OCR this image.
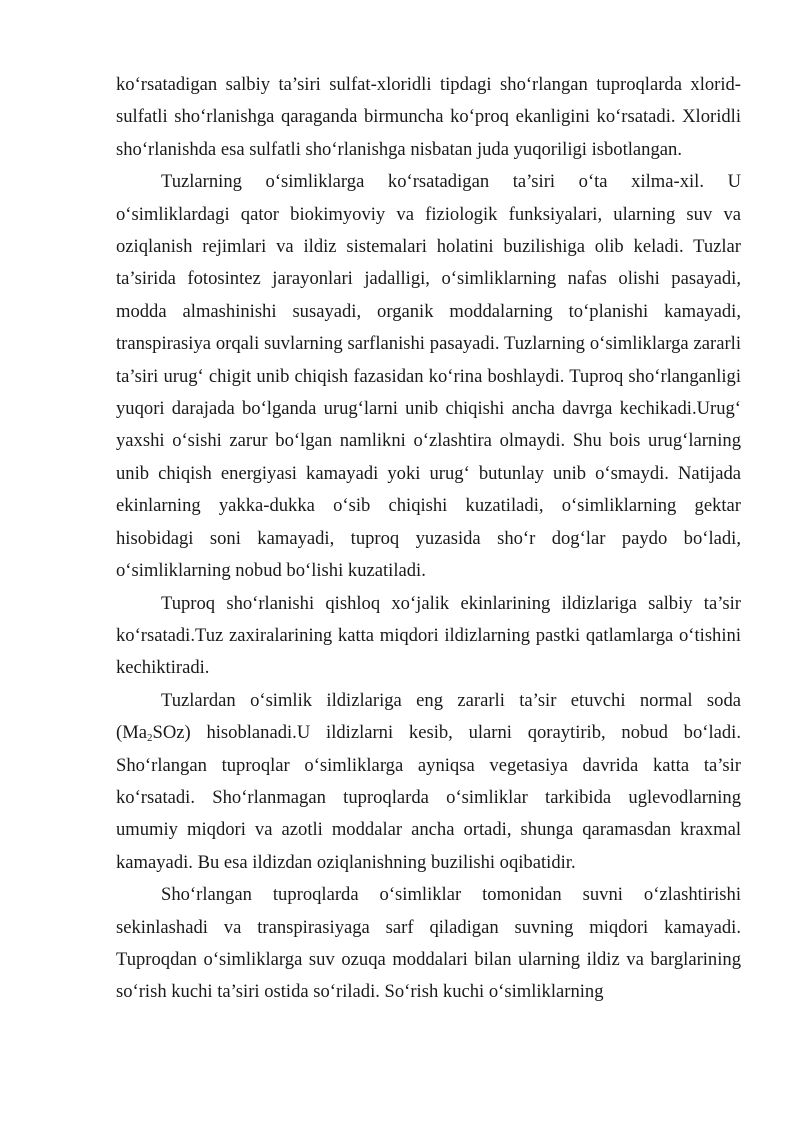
ko‘rsatadigan salbiy ta’siri sulfat-xloridli tipdagi sho‘rlangan tuproqlarda xlorid-sulfatli sho‘rlanishga qaraganda birmuncha ko‘proq ekanligini ko‘rsatadi. Xloridli sho‘rlanishda esa sulfatli sho‘rlanishga nisbatan juda yuqoriligi isbotlangan.

Tuzlarning o‘simliklarga ko‘rsatadigan ta’siri o‘ta xilma-xil. U o‘simliklardagi qator biokimyoviy va fiziologik funksiyalari, ularning suv va oziqlanish rejimlari va ildiz sistemalari holatini buzilishiga olib keladi. Tuzlar ta’sirida fotosintez jarayonlari jadalligi, o‘simliklarning nafas olishi pasayadi, modda almashinishi susayadi, organik moddalarning to‘planishi kamayadi, transpirasiya orqali suvlarning sarflanishi pasayadi. Tuzlarning o‘simliklarga zararli ta’siri urug‘ chigit unib chiqish fazasidan ko‘rina boshlaydi. Tuproq sho‘rlanganligi yuqori darajada bo‘lganda urug‘larni unib chiqishi ancha davrga kechikadi.Urug‘ yaxshi o‘sishi zarur bo‘lgan namlikni o‘zlashtira olmaydi. Shu bois urug‘larning unib chiqish energiyasi kamayadi yoki urug‘ butunlay unib o‘smaydi. Natijada ekinlarning yakka-dukka o‘sib chiqishi kuzatiladi, o‘simliklarning gektar hisobidagi soni kamayadi, tuproq yuzasida sho‘r dog‘lar paydo bo‘ladi, o‘simliklarning nobud bo‘lishi kuzatiladi.

Tuproq sho‘rlanishi qishloq xo‘jalik ekinlarining ildizlariga salbiy ta’sir ko‘rsatadi.Tuz zaxiralarining katta miqdori ildizlarning pastki qatlamlarga o‘tishini kechiktiradi.

Tuzlardan o‘simlik ildizlariga eng zararli ta’sir etuvchi normal soda $(Ma_2SOz)$ hisoblanadi.U ildizlarni kesib, ularni qoraytirib, nobud bo‘ladi. Sho‘rlangan tuproqlar o‘simliklarga ayniqsa vegetasiya davrida katta ta’sir ko‘rsatadi. Sho‘rlanmagan tuproqlarda o‘simliklar tarkibida uglevodlarning umumiy miqdori va azotli moddalar ancha ortadi, shunga qaramasdan kraxmal kamayadi. Bu esa ildizdan oziqlanishning buzilishi oqibatidir.

Sho‘rlangan tuproqlarda o‘simliklar tomonidan suvni o‘zlashtirishi sekinlashadi va transpirasiyaga sarf qiladigan suvning miqdori kamayadi. Tuproqdan o‘simliklarga suv ozuqa moddalari bilan ularning ildiz va barglarining so‘rish kuchi ta’siri ostida so‘riladi. So‘rish kuchi o‘simliklarning
